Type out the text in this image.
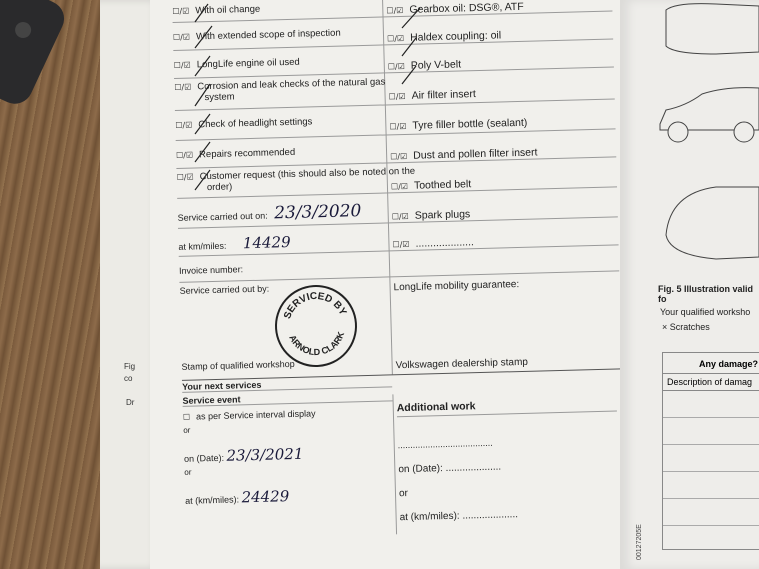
Fig
co
Dr
☐/☑ With oil change
☐/☑ With extended scope of inspection
☐/☑ LongLife engine oil used
☐/☑ Corrosion and leak checks of the natural gas system
☐/☑ Check of headlight settings
☐/☑ Repairs recommended
☐/☑ Customer request (this should also be noted on the order)
☐/☑ Gearbox oil: DSG®, ATF
☐/☑ Haldex coupling: oil
☐/☑ Poly V-belt
☐/☑ Air filter insert
☐/☑ Tyre filler bottle (sealant)
☐/☑ Dust and pollen filter insert
☐/☑ Toothed belt
☐/☑ Spark plugs
☐/☑ ....................
Service carried out on: 23/3/2020
at km/miles: 14429
Invoice number:
Service carried out by:
Stamp of qualified workshop
LongLife mobility guarantee:
Volkswagen dealership stamp
Your next services
Service event
Additional work
☐ as per Service interval display
or
on (Date): 23/3/2021
or
at (km/miles): 24429
......................................
on (Date): ....................
or
at (km/miles): ....................
SERVICED BY
ARNOLD CLARK
Fig. 5 Illustration valid fo
Your qualified worksho
× Scratches
Any damage?
Description of damag
00127205E
